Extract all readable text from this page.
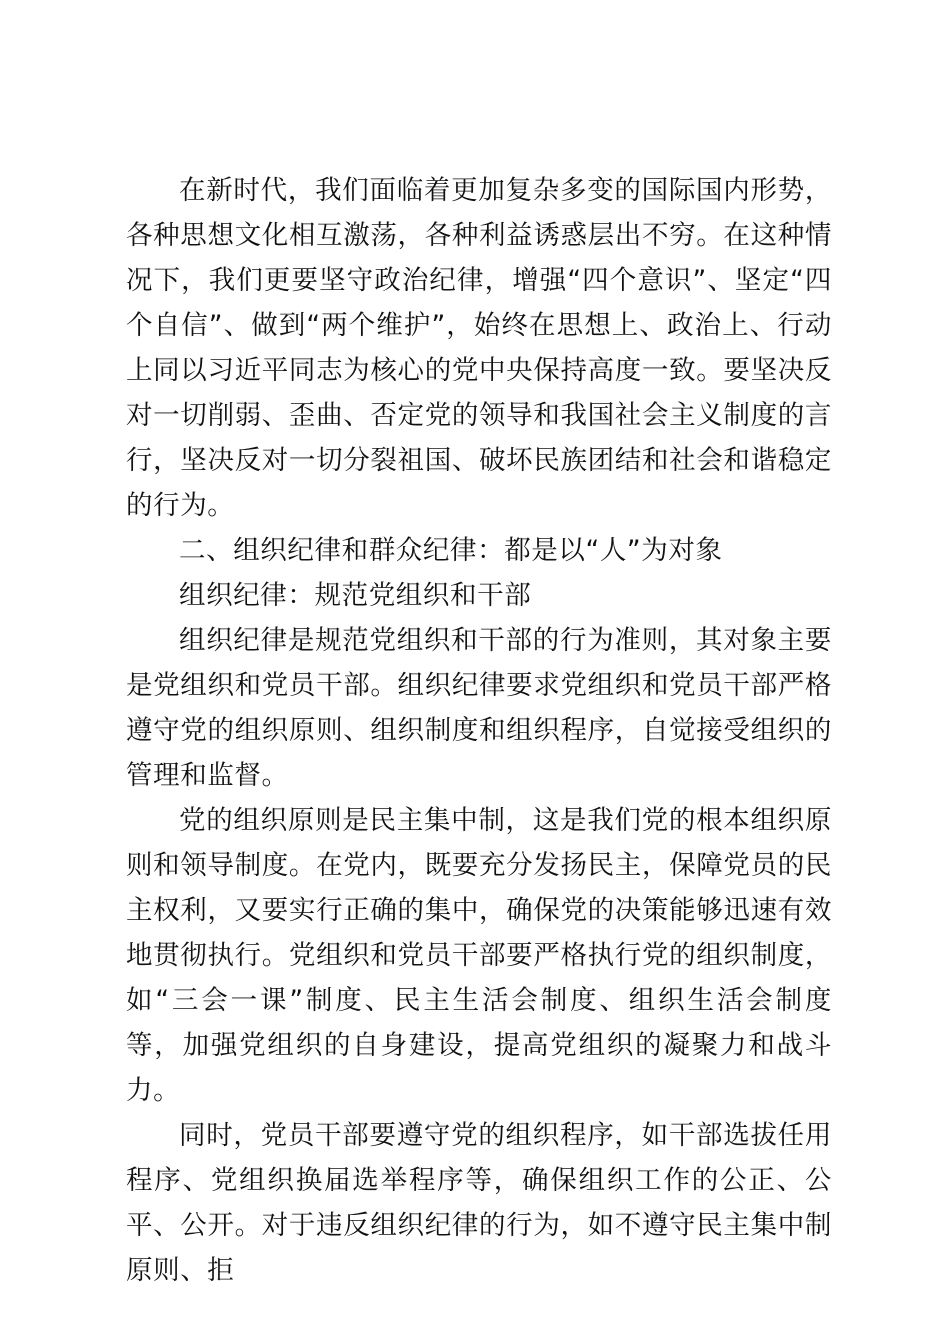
在新时代，我们面临着更加复杂多变的国际国内形势，各种思想文化相互激荡，各种利益诱惑层出不穷。在这种情况下，我们更要坚守政治纪律，增强“四个意识”、坚定“四个自信”、做到“两个维护”，始终在思想上、政治上、行动上同以习近平同志为核心的党中央保持高度一致。要坚决反对一切削弱、歪曲、否定党的领导和我国社会主义制度的言行，坚决反对一切分裂祖国、破坏民族团结和社会和谐稳定的行为。

二、组织纪律和群众纪律：都是以“人”为对象
组织纪律：规范党组织和干部

组织纪律是规范党组织和干部的行为准则，其对象主要是党组织和党员干部。组织纪律要求党组织和党员干部严格遵守党的组织原则、组织制度和组织程序，自觉接受组织的管理和监督。

党的组织原则是民主集中制，这是我们党的根本组织原则和领导制度。在党内，既要充分发扬民主，保障党员的民主权利，又要实行正确的集中，确保党的决策能够迅速有效地贯彻执行。党组织和党员干部要严格执行党的组织制度，如“三会一课”制度、民主生活会制度、组织生活会制度等，加强党组织的自身建设，提高党组织的凝聚力和战斗力。

同时，党员干部要遵守党的组织程序，如干部选拔任用程序、党组织换届选举程序等，确保组织工作的公正、公平、公开。对于违反组织纪律的行为，如不遵守民主集中制原则、拒
